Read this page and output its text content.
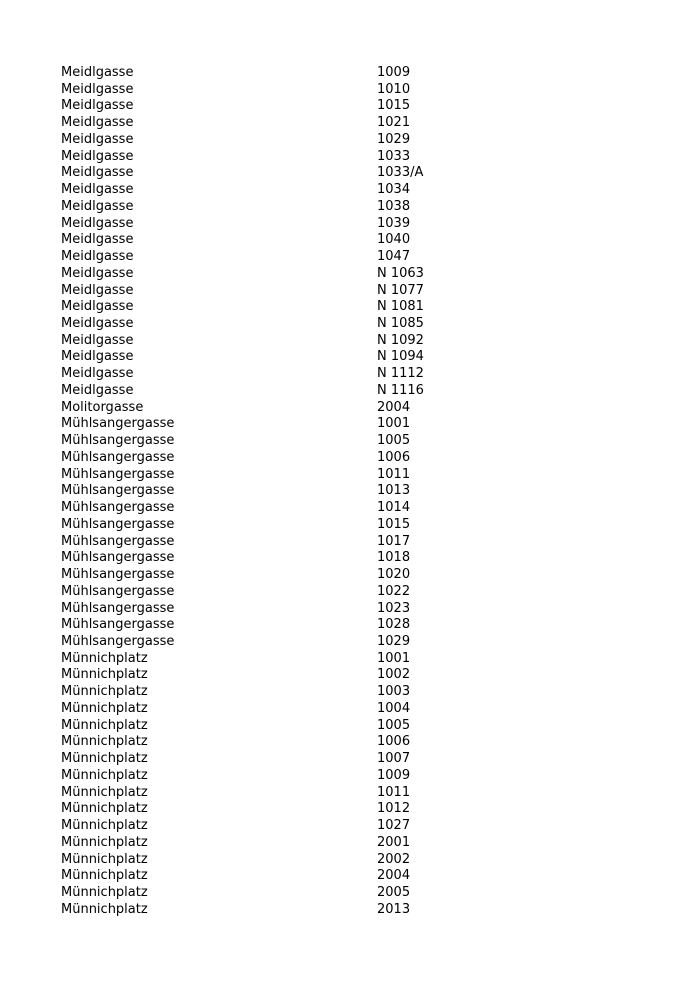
Meidlgasse	1009
Meidlgasse	1010
Meidlgasse	1015
Meidlgasse	1021
Meidlgasse	1029
Meidlgasse	1033
Meidlgasse	1033/A
Meidlgasse	1034
Meidlgasse	1038
Meidlgasse	1039
Meidlgasse	1040
Meidlgasse	1047
Meidlgasse	N 1063
Meidlgasse	N 1077
Meidlgasse	N 1081
Meidlgasse	N 1085
Meidlgasse	N 1092
Meidlgasse	N 1094
Meidlgasse	N 1112
Meidlgasse	N 1116
Molitorgasse	2004
Mühlsangergasse	1001
Mühlsangergasse	1005
Mühlsangergasse	1006
Mühlsangergasse	1011
Mühlsangergasse	1013
Mühlsangergasse	1014
Mühlsangergasse	1015
Mühlsangergasse	1017
Mühlsangergasse	1018
Mühlsangergasse	1020
Mühlsangergasse	1022
Mühlsangergasse	1023
Mühlsangergasse	1028
Mühlsangergasse	1029
Münnichplatz	1001
Münnichplatz	1002
Münnichplatz	1003
Münnichplatz	1004
Münnichplatz	1005
Münnichplatz	1006
Münnichplatz	1007
Münnichplatz	1009
Münnichplatz	1011
Münnichplatz	1012
Münnichplatz	1027
Münnichplatz	2001
Münnichplatz	2002
Münnichplatz	2004
Münnichplatz	2005
Münnichplatz	2013
